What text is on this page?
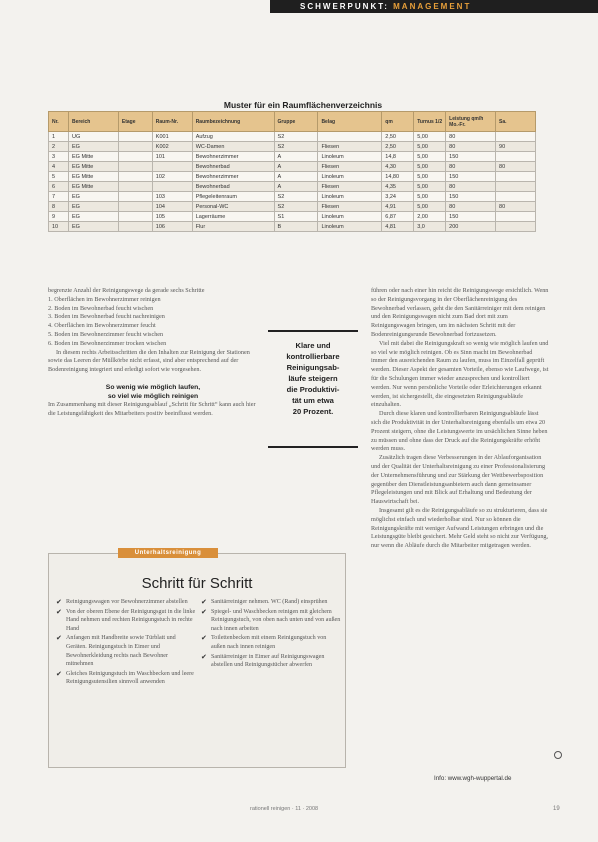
SCHWERPUNKT: MANAGEMENT
Muster für ein Raumflächenverzeichnis
Nr.	Bereich	Etage	Raum-Nr.	Raumbezeichnung	Gruppe	Belag	qm	Turnus 1/2	Leistung qm/h Mo.-Fr.	Sa.
1	UG		K001	Aufzug	S2		2,50	5,00	80	
2	EG		K002	WC-Damen	S2	Fliesen	2,50	5,00	80	90
3	EG Mitte		101	Bewohnerzimmer	A	Linoleum	14,8	5,00	150	
4	EG Mitte			Bewohnerbad	A	Fliesen	4,30	5,00	80	80
5	EG Mitte		102	Bewohnerzimmer	A	Linoleum	14,80	5,00	150	
6	EG Mitte			Bewohnerbad	A	Fliesen	4,35	5,00	80	
7	EG		103	Pflegeleitenraum	S2	Linoleum	3,24	5,00	150	
8	EG		104	Personal-WC	S2	Fliesen	4,91	5,00	80	80
9	EG		105	Lagerräume	S1	Linoleum	6,87	2,00	150	
10	EG		106	Flur	B	Linoleum	4,81	3,0	200	

begrenzte Anzahl der Reinigungswege da gerade sechs Schritte

1. Oberflächen im Bewohnerzimmer reinigen
2. Boden im Bewohnerbad feucht wischen
3. Boden im Bewohnerbad feucht nachreinigen
4. Oberflächen im Bewohnerzimmer feucht
5. Boden im Bewohnerzimmer feucht wischen
6. Boden im Bewohnerzimmer trocken wischen

In diesem rechts Arbeitsschritten die den Inhalten zur Reinigung der Stationen sowie das Leeren der Müllkörbe nicht erfasst, sind aber entsprechend auf der Bodenreinigung integriert und erledigt sofort wie vorgesehen.

So wenig wie möglich laufen,
so viel wie möglich reinigen

Im Zusammenhang mit dieser Reinigungsablauf „Schritt für Schritt“ kann auch hier die Leistungsfähigkeit des Mitarbeiters positiv beeinflusst werden.

Klare und
kontrollierbare
Reinigungsab-
läufe steigern
die Produktivi-
tät um etwa
20 Prozent.

führen oder nach einer hin reicht die Reinigungswege ersichtlich. Wenn so der Reinigungsvorgang in der Oberflächenreinigung des Bewohnerbad verlassen, geht die den Sanitärreiniger mit dem reinigen und den Reinigungswagen nicht zum Bad dort mit zum Reinigungswagen bringen, um im nächsten Schritt mit der Bodenreinigungsrunde Bewohnerbad fortzusetzen.

Viel mit dabei die Reinigungskraft so wenig wie möglich laufen und so viel wie möglich reinigen. Ob es Sinn macht im Bewohnerbad immer den ausreichenden Raum zu laufen, muss im Einzelfall geprüft werden. Dieser Aspekt der gesamten Vorteile, ebenso wie Laufwege, ist für die Schulungen immer wieder anzusprechen und kontrolliert werden. Nur wenn persönliche Vorteile oder Erleichterungen erkannt werden, ist sichergestellt, die eingesetzten Reinigungsabläufe einzuhalten.

Durch diese klaren und kontrollierbaren Reinigungsabläufe lässt sich die Produktivität in der Unterhaltsreinigung ebenfalls um etwa 20 Prozent steigern, ohne die Leistungswerte im ursächlichen Sinne heben zu müssen und ohne dass der Druck auf die Reinigungskräfte erhöht werden muss.

Zusätzlich tragen diese Verbesserungen in der Ablauforganisation und der Qualität der Unterhaltsreinigung zu einer Professionalisierung der Unternehmensführung und zur Stärkung der Wettbewerbsposition gegenüber den Dienstleistungsanbietern auch dann gemeinsamer Pflegeleistungen und mit Blick auf Erhaltung und Bedeutung der Hauswirtschaft bei.

Insgesamt gilt es die Reinigungsabläufe so zu strukturieren, dass sie möglichst einfach und wiederholbar sind. Nur so können die Reinigungskräfte mit weniger Aufwand Leistungen erbringen und die Leistungsgüte bleibt gesichert. Mehr Geld steht so nicht zur Verfügung, nur wenn die Abläufe durch die Mitarbeiter mitgetragen werden.

Unterhaltsreinigung
Schritt für Schritt
✔ Reinigungswagen vor Bewohnerzimmer abstellen
✔ Von der oberen Ebene der Reinigungsgut in die linke Hand nehmen und rechten Reinigungstuch in rechte Hand
✔ Anfangen mit Handbreite sowie Türblatt und Geräten. Reinigungstuch in Eimer und Bewohnerkleidung rechts nach Bewohner mitnehmen
✔ Gleiches Reinigungstuch im Waschbecken und leere Reinigungsutensilien sinnvoll anwenden
✔ Sanitärreiniger nehmen. WC (Rand) einsprühen
✔ Spiegel- und Waschbecken reinigen mit gleichem Reinigungstuch, von oben nach unten und von außen nach innen arbeiten
✔ Toilettenbecken mit einem Reinigungstuch von außen nach innen reinigen
✔ Sanitärreiniger in Eimer auf Reinigungswagen abstellen und Reinigungstücher abwerfen
Info: www.wgh-wuppertal.de
rationell reinigen · 11 · 2008	19
